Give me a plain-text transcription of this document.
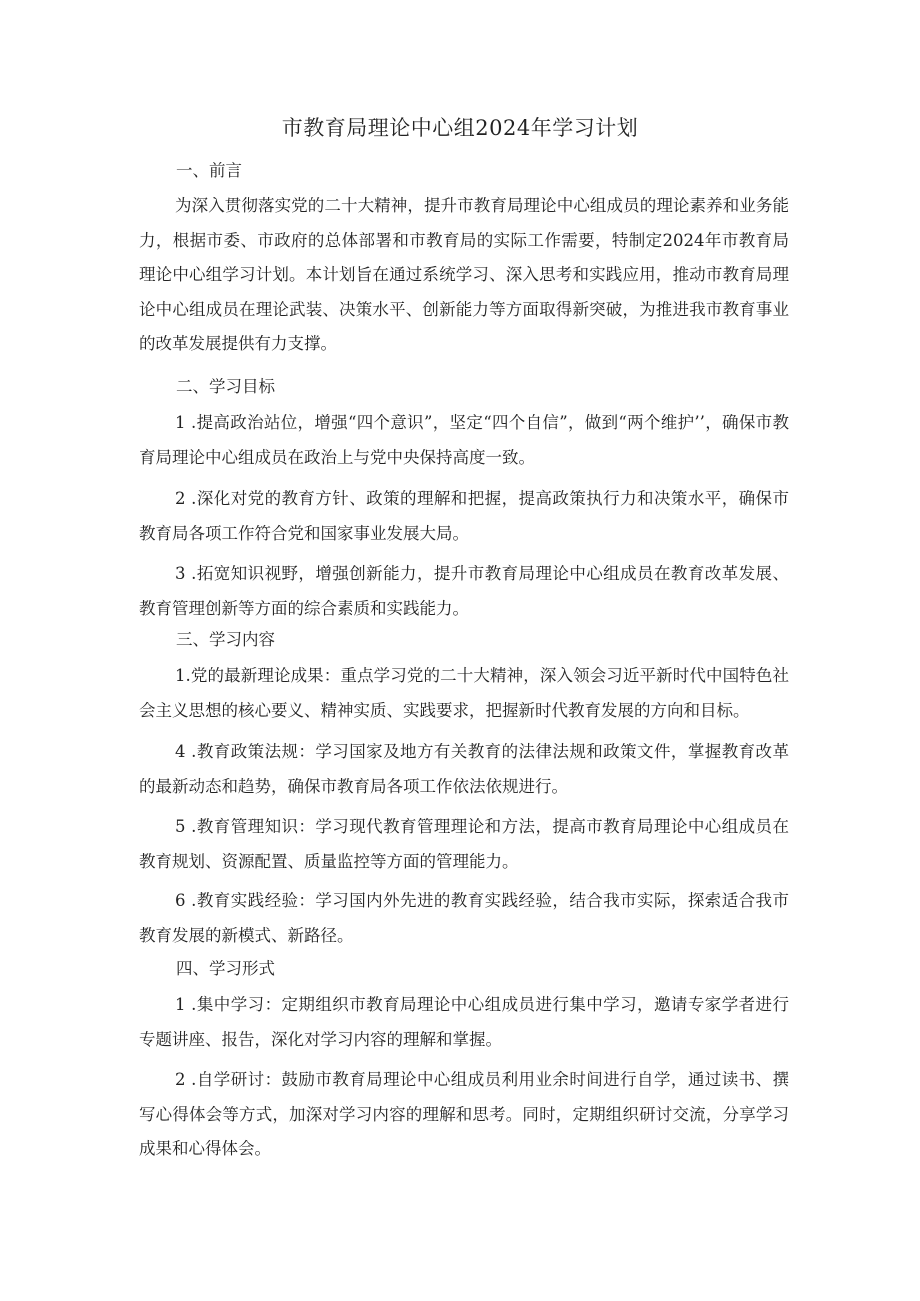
市教育局理论中心组2024年学习计划
一、前言
为深入贯彻落实党的二十大精神，提升市教育局理论中心组成员的理论素养和业务能力，根据市委、市政府的总体部署和市教育局的实际工作需要，特制定2024年市教育局理论中心组学习计划。本计划旨在通过系统学习、深入思考和实践应用，推动市教育局理论中心组成员在理论武装、决策水平、创新能力等方面取得新突破，为推进我市教育事业的改革发展提供有力支撑。
二、学习目标
1 .提高政治站位，增强“四个意识”，坚定“四个自信”，做到“两个维护’’，确保市教育局理论中心组成员在政治上与党中央保持高度一致。
2 .深化对党的教育方针、政策的理解和把握，提高政策执行力和决策水平，确保市教育局各项工作符合党和国家事业发展大局。
3 .拓宽知识视野，增强创新能力，提升市教育局理论中心组成员在教育改革发展、教育管理创新等方面的综合素质和实践能力。
三、学习内容
1.党的最新理论成果：重点学习党的二十大精神，深入领会习近平新时代中国特色社会主义思想的核心要义、精神实质、实践要求，把握新时代教育发展的方向和目标。
4 .教育政策法规：学习国家及地方有关教育的法律法规和政策文件，掌握教育改革的最新动态和趋势，确保市教育局各项工作依法依规进行。
5 .教育管理知识：学习现代教育管理理论和方法，提高市教育局理论中心组成员在教育规划、资源配置、质量监控等方面的管理能力。
6 .教育实践经验：学习国内外先进的教育实践经验，结合我市实际，探索适合我市教育发展的新模式、新路径。
四、学习形式
1 .集中学习：定期组织市教育局理论中心组成员进行集中学习，邀请专家学者进行专题讲座、报告，深化对学习内容的理解和掌握。
2 .自学研讨：鼓励市教育局理论中心组成员利用业余时间进行自学，通过读书、撰写心得体会等方式，加深对学习内容的理解和思考。同时，定期组织研讨交流，分享学习成果和心得体会。
